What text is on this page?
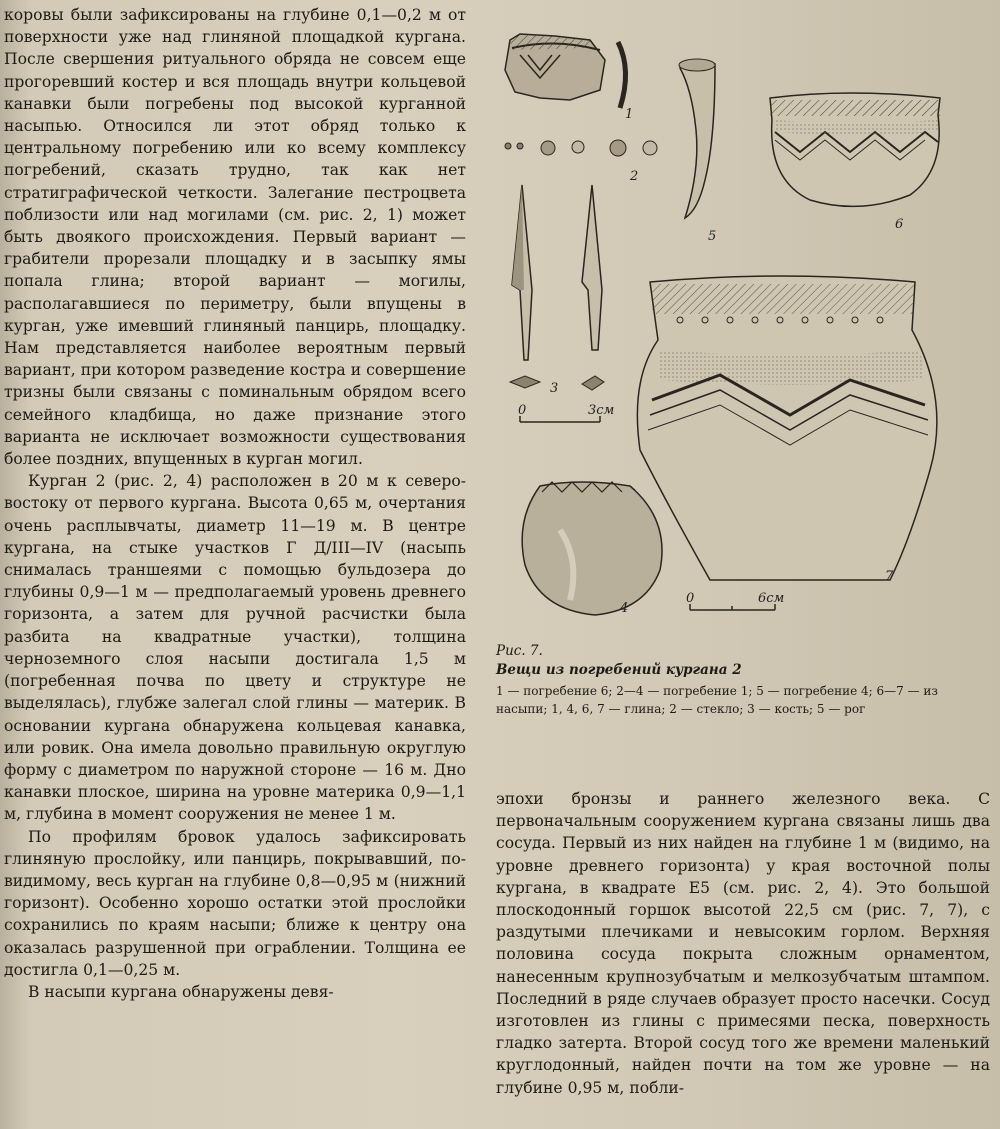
коровы были зафиксированы на глубине 0,1—0,2 м от поверхности уже над глиняной площадкой кургана. После свершения ритуального обряда не совсем еще прогоревший костер и вся площадь внутри кольцевой канавки были погребены под высокой курганной насыпью. Относился ли этот обряд только к центральному погребению или ко всему комплексу погребений, сказать трудно, так как нет стратиграфической четкости. Залегание пестроцвета поблизости или над могилами (см. рис. 2, 1) может быть двоякого происхождения. Первый вариант — грабители прорезали площадку и в засыпку ямы попала глина; второй вариант — могилы, располагавшиеся по периметру, были впущены в курган, уже имевший глиняный панцирь, площадку. Нам представляется наиболее вероятным первый вариант, при котором разведение костра и совершение тризны были связаны с поминальным обрядом всего семейного кладбища, но даже признание этого варианта не исключает возможности существования более поздних, впущенных в курган могил.

Курган 2 (рис. 2, 4) расположен в 20 м к северо-востоку от первого кургана. Высота 0,65 м, очертания очень расплывчаты, диаметр 11—19 м. В центре кургана, на стыке участков Г Д/III—IV (насыпь снималась траншеями с помощью бульдозера до глубины 0,9—1 м — предполагаемый уровень древнего горизонта, а затем для ручной расчистки была разбита на квадратные участки), толщина черноземного слоя насыпи достигала 1,5 м (погребенная почва по цвету и структуре не выделялась), глубже залегал слой глины — материк. В основании кургана обнаружена кольцевая канавка, или ровик. Она имела довольно правильную округлую форму с диаметром по наружной стороне — 16 м. Дно канавки плоское, ширина на уровне материка 0,9—1,1 м, глубина в момент сооружения не менее 1 м.

По профилям бровок удалось зафиксировать глиняную прослойку, или панцирь, покрывавший, по-видимому, весь курган на глубине 0,8—0,95 м (нижний горизонт). Особенно хорошо остатки этой прослойки сохранились по краям насыпи; ближе к центру она оказалась разрушенной при ограблении. Толщина ее достигла 0,1—0,25 м.

В насыпи кургана обнаружены девя-

1
2
5
6
3
0	3см
7
4
0	6см
Рис. 7.
Вещи из погребений кургана 2
1 — погребение 6; 2—4 — погребение 1; 5 — погребение 4; 6—7 — из насыпи; 1, 4, 6, 7 — глина; 2 — стекло; 3 — кость; 5 — рог

эпохи бронзы и раннего железного века. С первоначальным сооружением кургана связаны лишь два сосуда. Первый из них найден на глубине 1 м (видимо, на уровне древнего горизонта) у края восточной полы кургана, в квадрате Е5 (см. рис. 2, 4). Это большой плоскодонный горшок высотой 22,5 см (рис. 7, 7), с раздутыми плечиками и невысоким горлом. Верхняя половина сосуда покрыта сложным орнаментом, нанесенным крупнозубчатым и мелкозубчатым штампом. Последний в ряде случаев образует просто насечки. Сосуд изготовлен из глины с примесями песка, поверхность гладко затерта. Второй сосуд того же времени маленький круглодонный, найден почти на том же уровне — на глубине 0,95 м, побли-
